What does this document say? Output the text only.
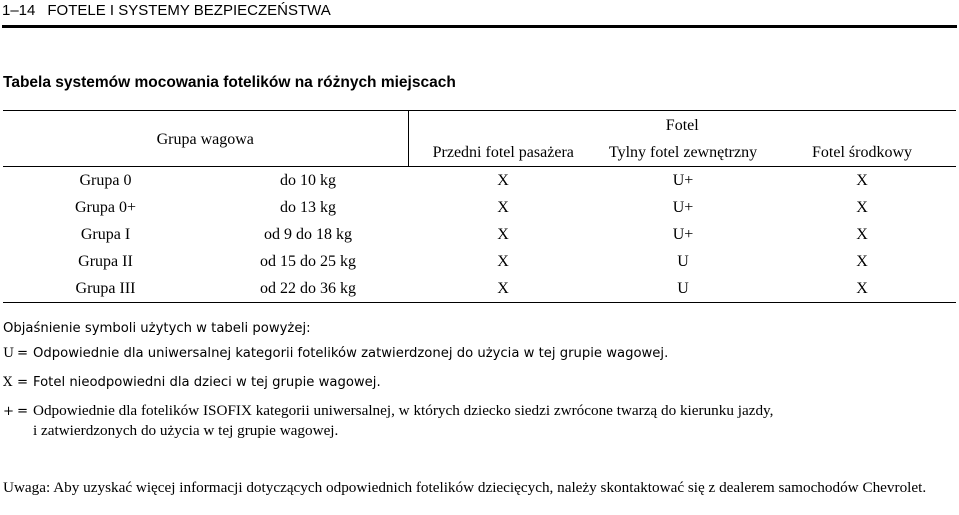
1–14 FOTELE I SYSTEMY BEZPIECZEŃSTWA
Tabela systemów mocowania fotelików na różnych miejscach
Grupa wagowa		Fotel		
		Przedni fotel pasażera	Tylny fotel zewnętrzny	Fotel środkowy
Grupa 0	do 10 kg	X	U+	X
Grupa 0+	do 13 kg	X	U+	X
Grupa I	od 9 do 18 kg	X	U+	X
Grupa II	od 15 do 25 kg	X	U	X
Grupa III	od 22 do 36 kg	X	U	X
Objaśnienie symboli użytych w tabeli powyżej:
U = Odpowiednie dla uniwersalnej kategorii fotelików zatwierdzonej do użycia w tej grupie wagowej.
X = Fotel nieodpowiedni dla dzieci w tej grupie wagowej.
+ = Odpowiednie dla fotelików ISOFIX kategorii uniwersalnej, w których dziecko siedzi zwrócone twarzą do kierunku jazdy,
i zatwierdzonych do użycia w tej grupie wagowej.
Uwaga: Aby uzyskać więcej informacji dotyczących odpowiednich fotelików dziecięcych, należy skontaktować się z dealerem samochodów Chevrolet.
